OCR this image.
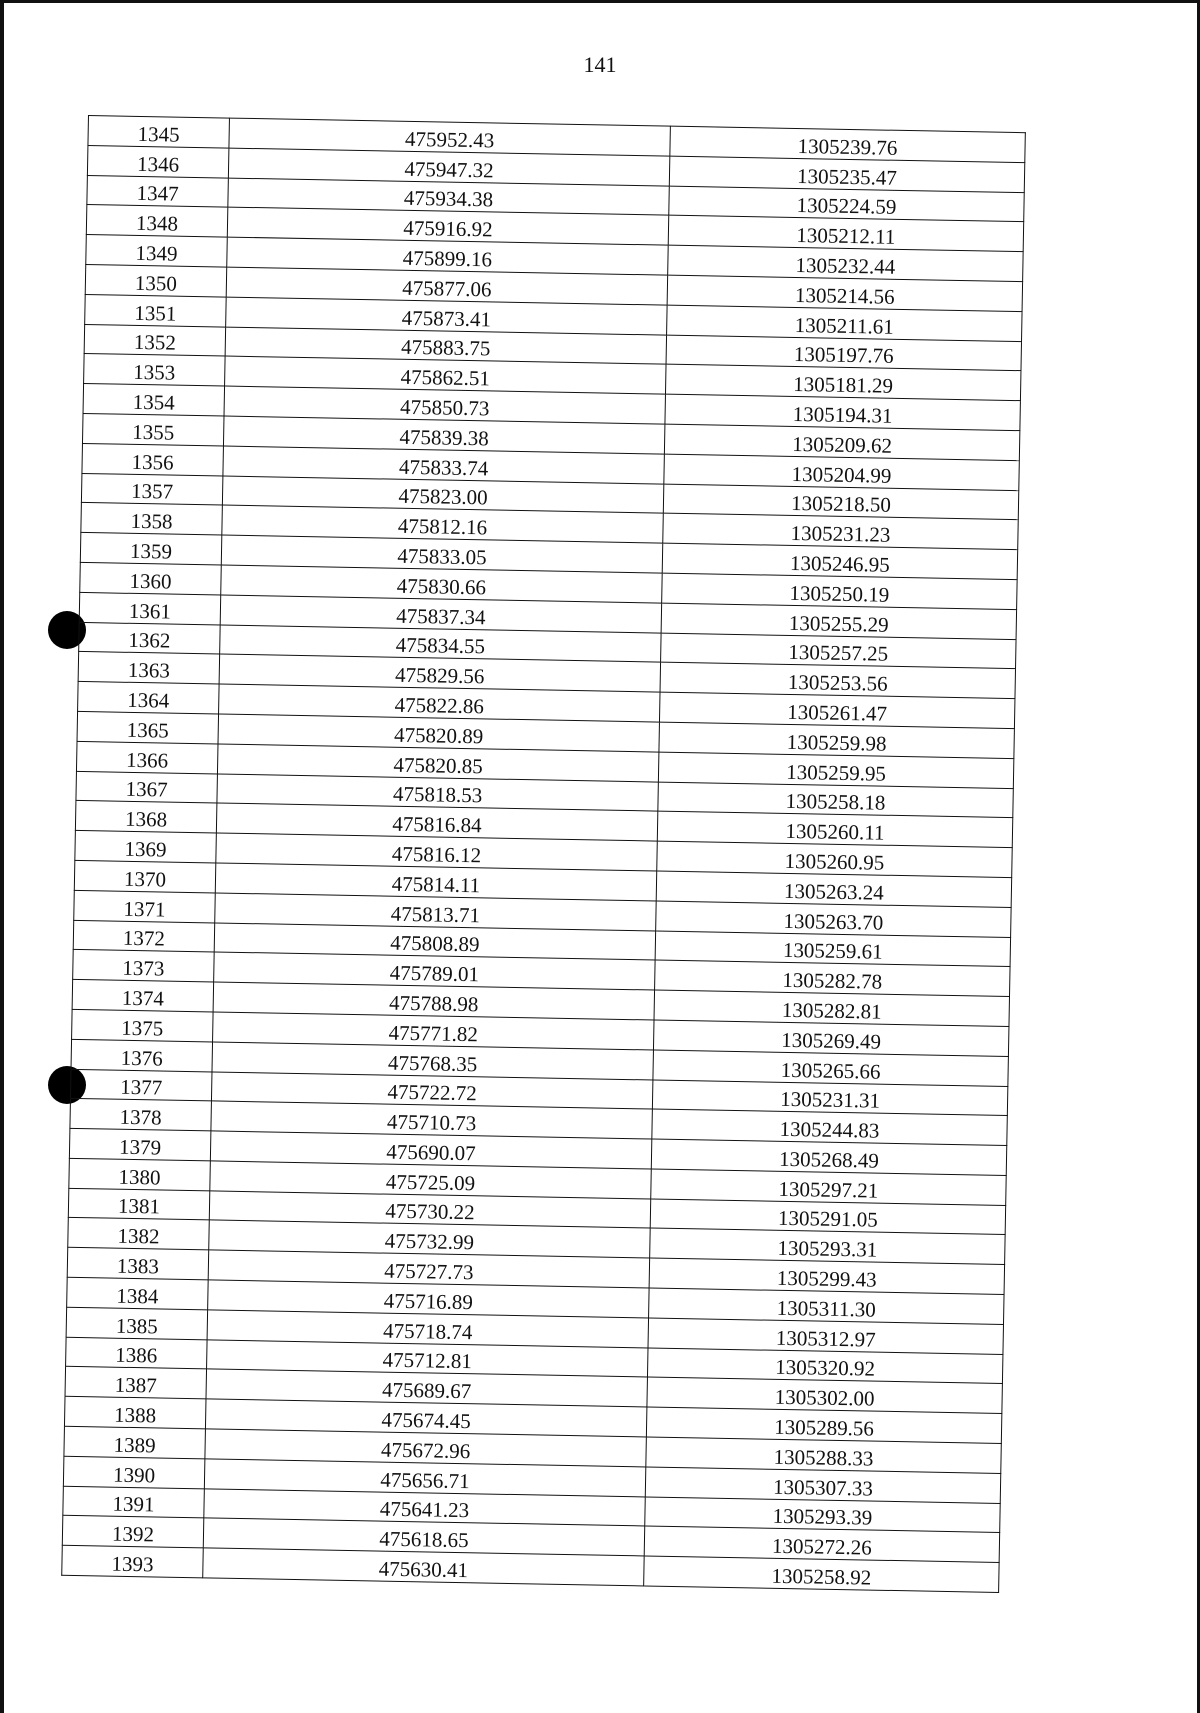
141
1345	475952.43	1305239.76
1346	475947.32	1305235.47
1347	475934.38	1305224.59
1348	475916.92	1305212.11
1349	475899.16	1305232.44
1350	475877.06	1305214.56
1351	475873.41	1305211.61
1352	475883.75	1305197.76
1353	475862.51	1305181.29
1354	475850.73	1305194.31
1355	475839.38	1305209.62
1356	475833.74	1305204.99
1357	475823.00	1305218.50
1358	475812.16	1305231.23
1359	475833.05	1305246.95
1360	475830.66	1305250.19
1361	475837.34	1305255.29
1362	475834.55	1305257.25
1363	475829.56	1305253.56
1364	475822.86	1305261.47
1365	475820.89	1305259.98
1366	475820.85	1305259.95
1367	475818.53	1305258.18
1368	475816.84	1305260.11
1369	475816.12	1305260.95
1370	475814.11	1305263.24
1371	475813.71	1305263.70
1372	475808.89	1305259.61
1373	475789.01	1305282.78
1374	475788.98	1305282.81
1375	475771.82	1305269.49
1376	475768.35	1305265.66
1377	475722.72	1305231.31
1378	475710.73	1305244.83
1379	475690.07	1305268.49
1380	475725.09	1305297.21
1381	475730.22	1305291.05
1382	475732.99	1305293.31
1383	475727.73	1305299.43
1384	475716.89	1305311.30
1385	475718.74	1305312.97
1386	475712.81	1305320.92
1387	475689.67	1305302.00
1388	475674.45	1305289.56
1389	475672.96	1305288.33
1390	475656.71	1305307.33
1391	475641.23	1305293.39
1392	475618.65	1305272.26
1393	475630.41	1305258.92
